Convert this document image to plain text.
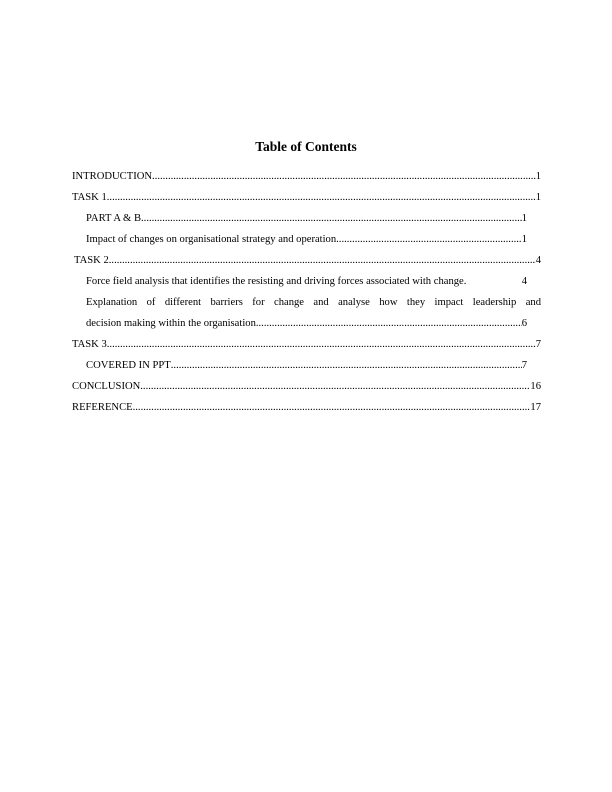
Table of Contents
INTRODUCTION .....	1
TASK 1 .....	1
PART A & B .....	1
Impact of changes on organisational strategy and operation .....	1
TASK 2 .....	4
Force field analysis that identifies the resisting and driving forces associated with change.	4
Explanation of different barriers for change and analyse how they impact leadership and
decision making within the organisation .....	6
TASK 3 .....	7
COVERED IN PPT .....	7
CONCLUSION .....	16
REFERENCE .....	17
